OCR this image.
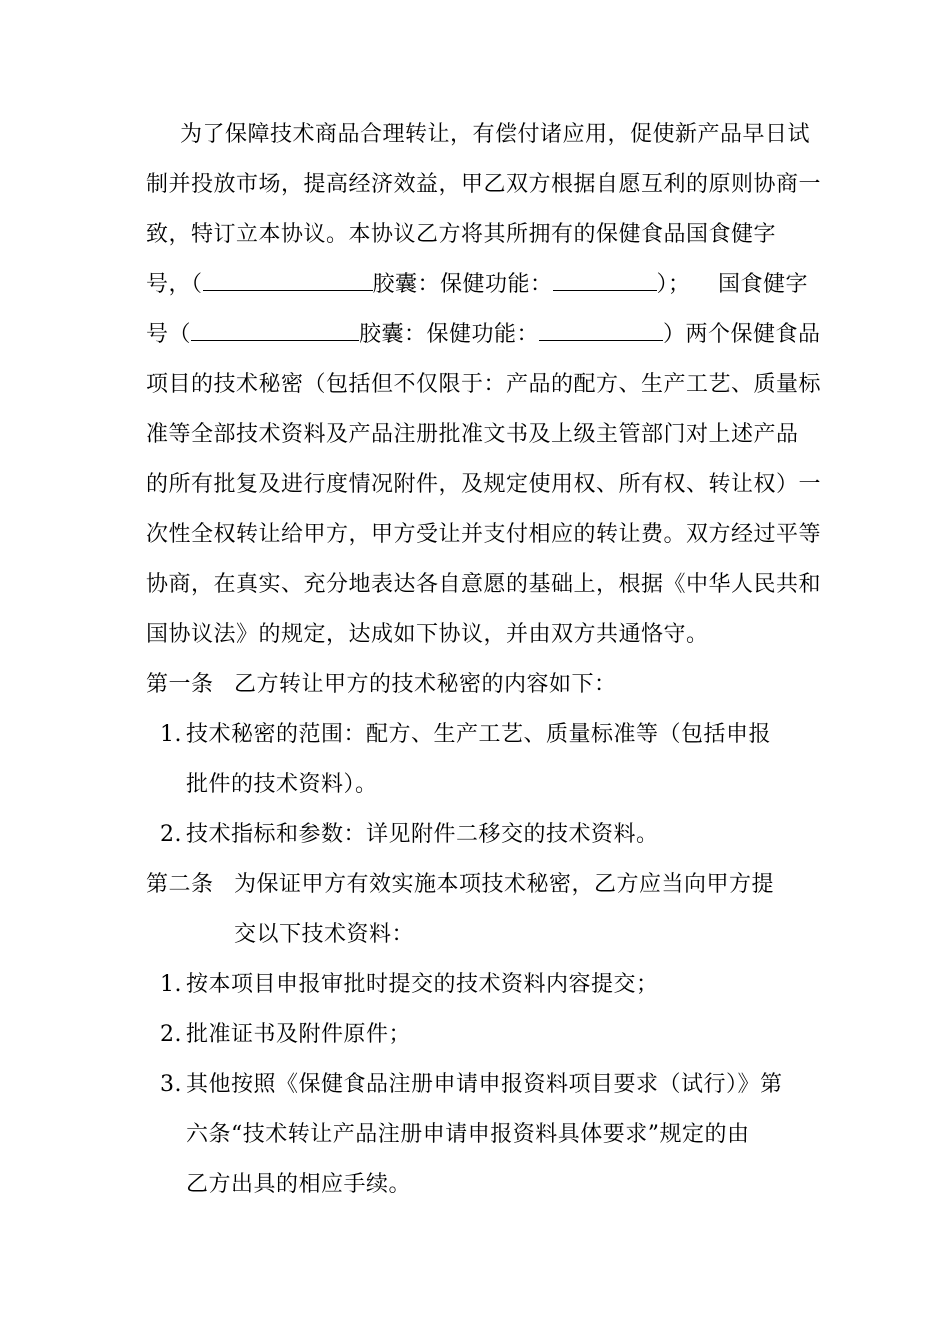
为了保障技术商品合理转让，有偿付诸应用，促使新产品早日试
制并投放市场，提高经济效益，甲乙双方根据自愿互利的原则协商一
致，特订立本协议。本协议乙方将其所拥有的保健食品国食健字
号，（	胶囊：保健功能：	）； 国食健字
号（	胶囊：保健功能：	）两个保健食品
项目的技术秘密（包括但不仅限于：产品的配方、生产工艺、质量标
准等全部技术资料及产品注册批准文书及上级主管部门对上述产品
的所有批复及进行度情况附件，及规定使用权、所有权、转让权）一
次性全权转让给甲方，甲方受让并支付相应的转让费。双方经过平等
协商，在真实、充分地表达各自意愿的基础上，根据《中华人民共和
国协议法》的规定，达成如下协议，并由双方共通恪守。
第一条 乙方转让甲方的技术秘密的内容如下：
1. 技术秘密的范围：配方、生产工艺、质量标准等（包括申报
批件的技术资料）。
2. 技术指标和参数：详见附件二移交的技术资料。
第二条 为保证甲方有效实施本项技术秘密，乙方应当向甲方提
交以下技术资料：
1. 按本项目申报审批时提交的技术资料内容提交；
2. 批准证书及附件原件；
3. 其他按照《保健食品注册申请申报资料项目要求（试行）》第
六条“技术转让产品注册申请申报资料具体要求”规定的由
乙方出具的相应手续。
